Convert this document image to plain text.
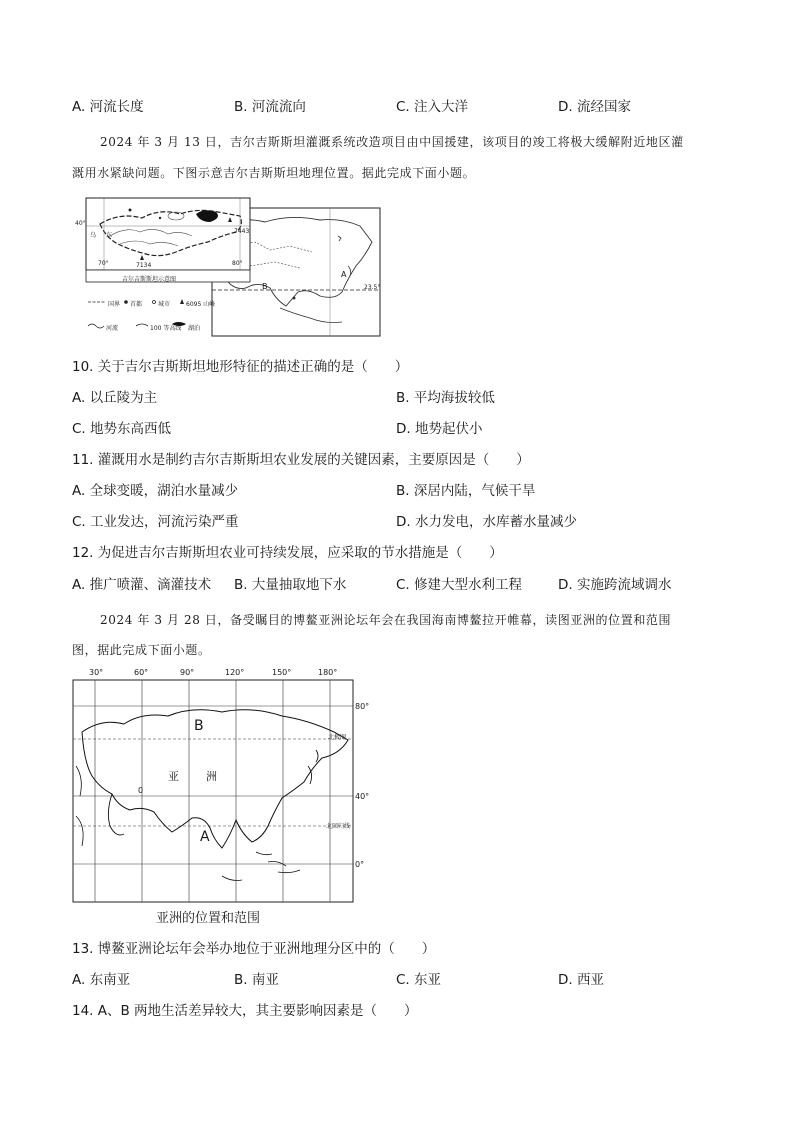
A. 河流长度	B. 河流流向	C. 注入大洋	D. 流经国家
2024 年 3 月 13 日，吉尔吉斯斯坦灌溉系统改造项目由中国援建，该项目的竣工将极大缓解附近地区灌
溉用水紧缺问题。下图示意吉尔吉斯斯坦地理位置。据此完成下面小题。
40°
70°	7134
7443
80°
23.5°
A
B
乌 东
吉尔吉斯斯坦示意图
国界 首都	城市	6095 山峰
河流	100 等高线 湖泊
10. 关于吉尔吉斯斯坦地形特征的描述正确的是（　　）
A. 以丘陵为主	B. 平均海拔较低
C. 地势东高西低	D. 地势起伏小
11. 灌溉用水是制约吉尔吉斯斯坦农业发展的关键因素，主要原因是（　　）
A. 全球变暖，湖泊水量减少	B. 深居内陆，气候干旱
C. 工业发达，河流污染严重	D. 水力发电，水库蓄水量减少
12. 为促进吉尔吉斯斯坦农业可持续发展，应采取的节水措施是（　　）
A. 推广喷灌、滴灌技术 B. 大量抽取地下水	C. 修建大型水利工程	D. 实施跨流域调水
2024 年 3 月 28 日，备受瞩目的博鳌亚洲论坛年会在我国海南博鳌拉开帷幕，读图亚洲的位置和范围
图，据此完成下面小题。
30°	60°	90°	120°	150°	180°
80°
40°
0°
北极圈
北回归线
B
A
亚 洲
0
亚洲的位置和范围
13. 博鳌亚洲论坛年会举办地位于亚洲地理分区中的（　　）
A. 东南亚	B. 南亚	C. 东亚	D. 西亚
14. A、B 两地生活差异较大，其主要影响因素是（　　）
